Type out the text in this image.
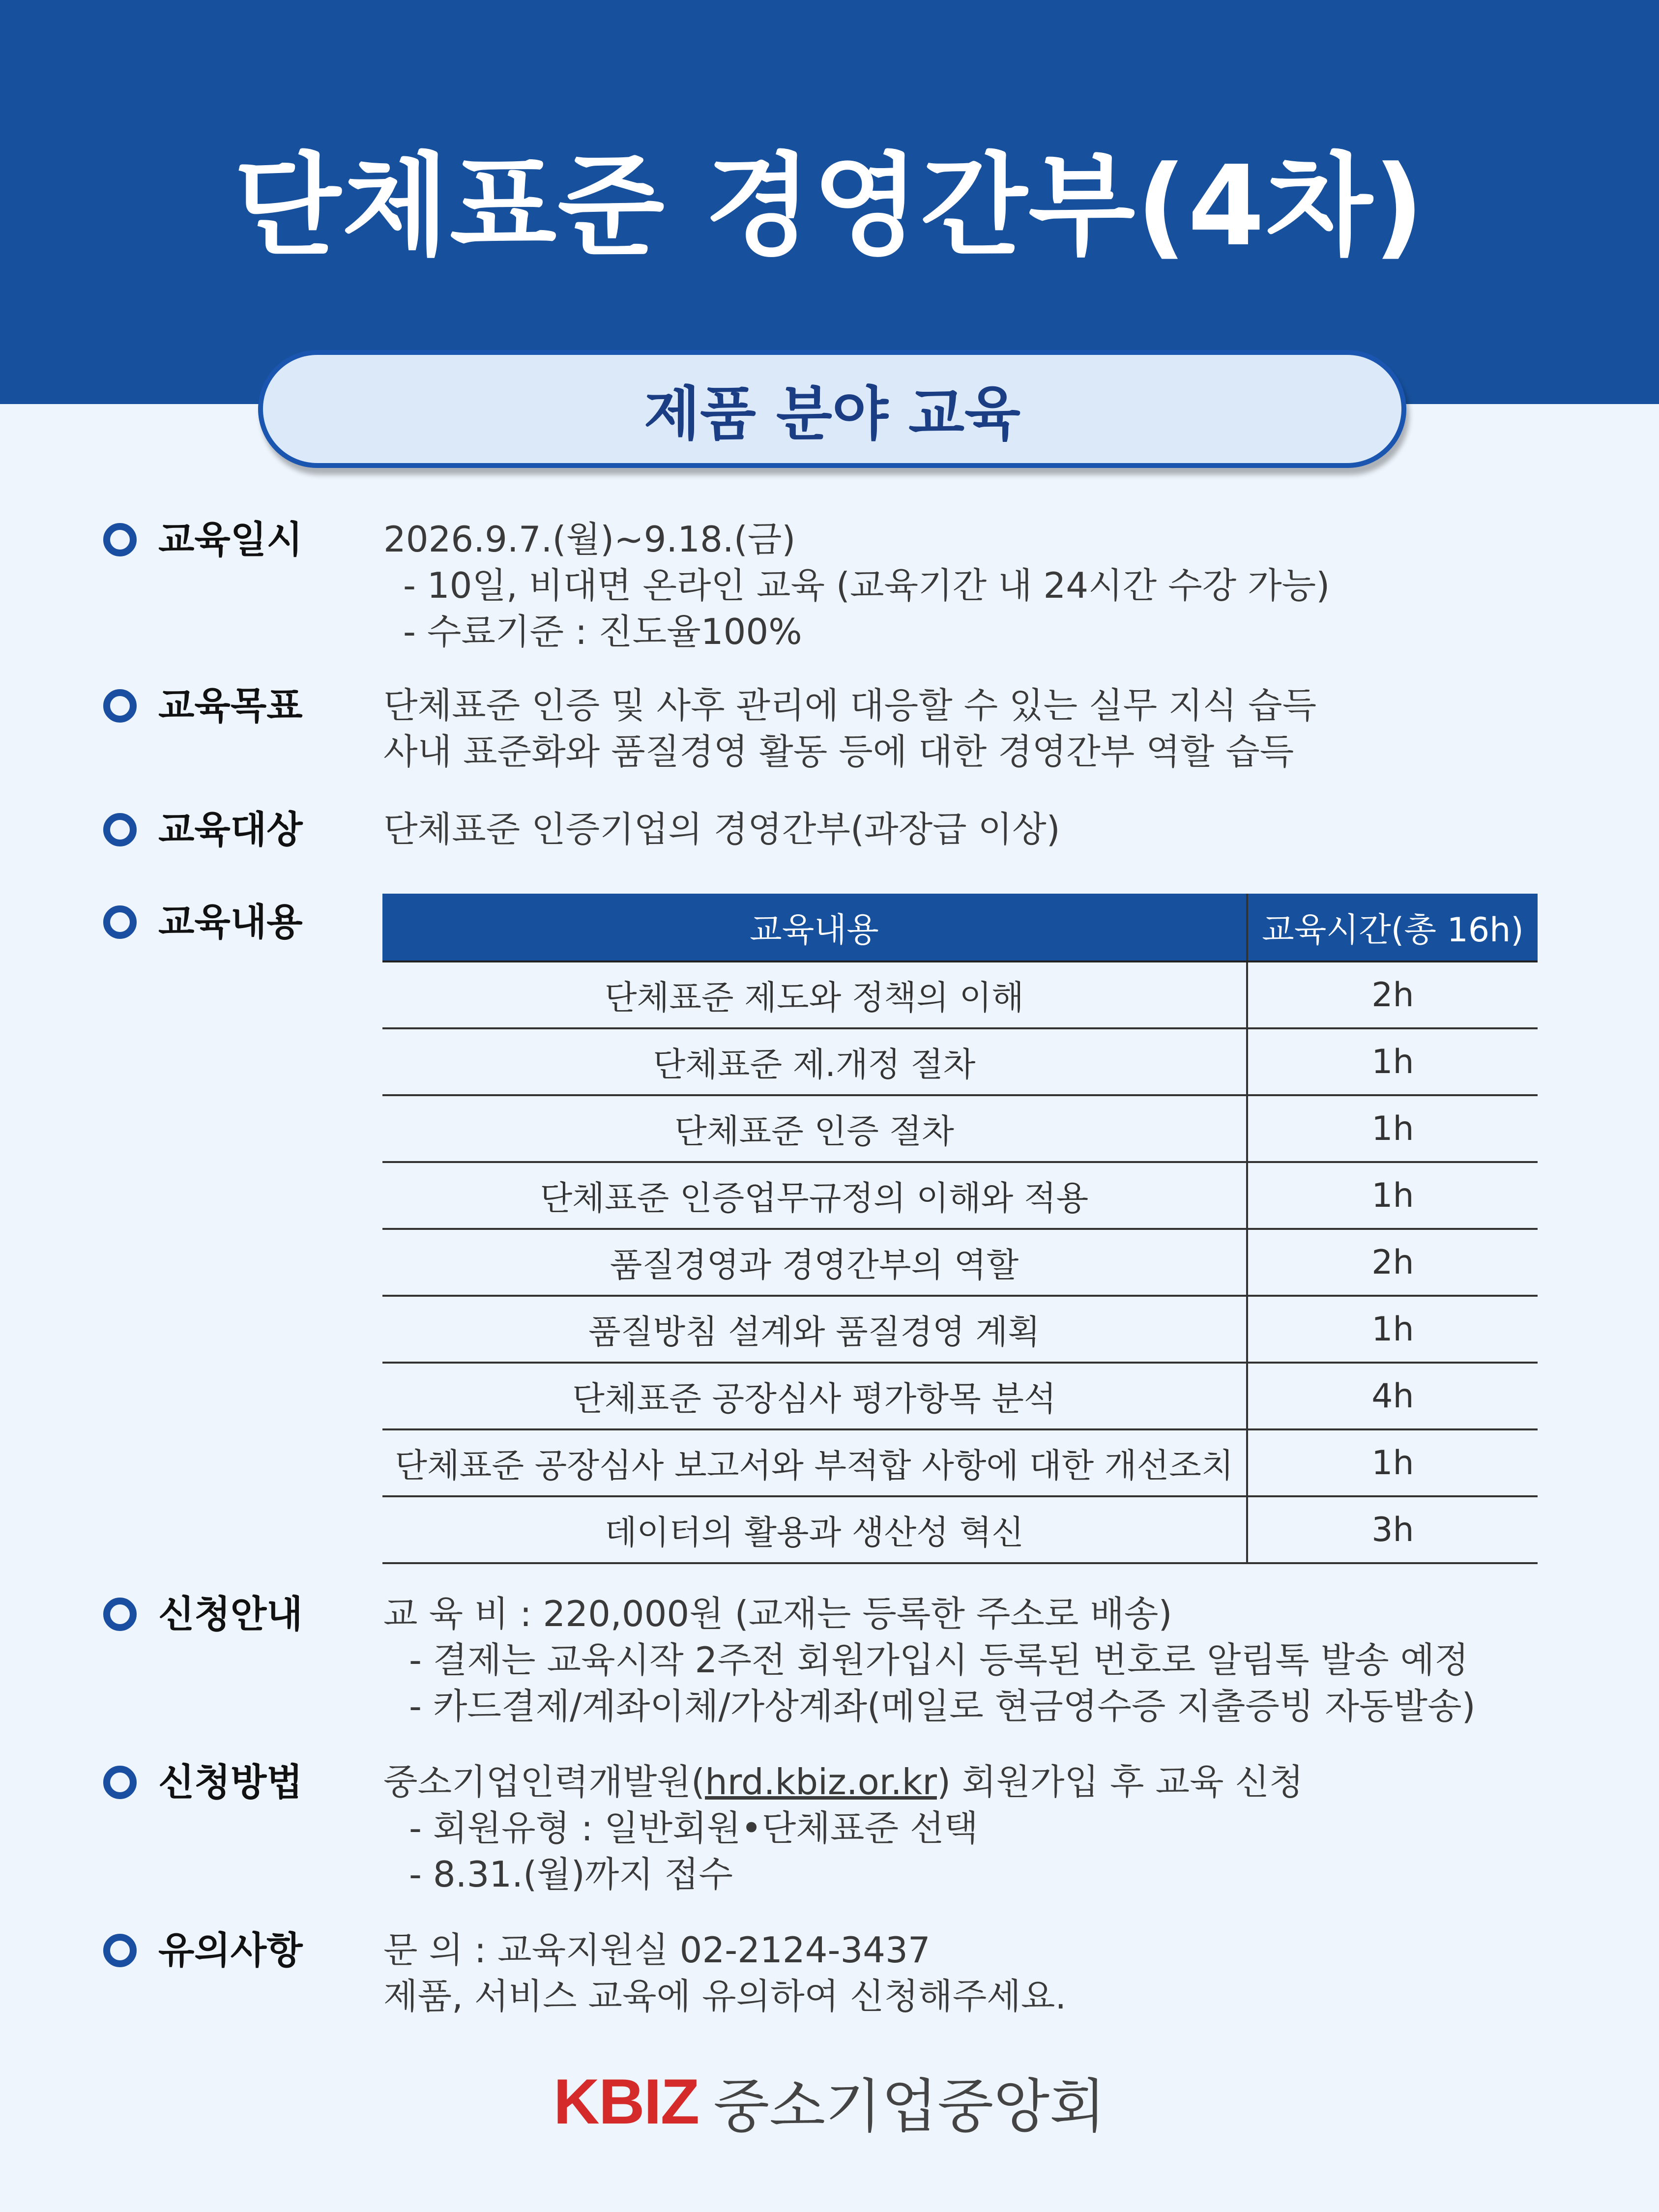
단체표준 경영간부(4차)
제품 분야 교육
교육일시 2026.9.7.(월)~9.18.(금)
- 10일, 비대면 온라인 교육 (교육기간 내 24시간 수강 가능)
- 수료기준 : 진도율100%
교육목표 단체표준 인증 및 사후 관리에 대응할 수 있는 실무 지식 습득
사내 표준화와 품질경영 활동 등에 대한 경영간부 역할 습득
교육대상 단체표준 인증기업의 경영간부(과장급 이상)
교육내용	교육내용	교육시간(총 16h)
단체표준 제도와 정책의 이해	2h
단체표준 제.개정 절차	1h
단체표준 인증 절차	1h
단체표준 인증업무규정의 이해와 적용	1h
품질경영과 경영간부의 역할	2h
품질방침 설계와 품질경영 계획	1h
단체표준 공장심사 평가항목 분석	4h
단체표준 공장심사 보고서와 부적합 사항에 대한 개선조치	1h
데이터의 활용과 생산성 혁신	3h
신청안내 교 육 비 : 220,000원 (교재는 등록한 주소로 배송)
- 결제는 교육시작 2주전 회원가입시 등록된 번호로 알림톡 발송 예정
- 카드결제/계좌이체/가상계좌(메일로 현금영수증 지출증빙 자동발송)
신청방법 중소기업인력개발원(hrd.kbiz.or.kr) 회원가입 후 교육 신청
- 회원유형 : 일반회원•단체표준 선택
- 8.31.(월)까지 접수
유의사항 문 의 : 교육지원실 02-2124-3437
제품, 서비스 교육에 유의하여 신청해주세요.
KBIZ 중소기업중앙회
